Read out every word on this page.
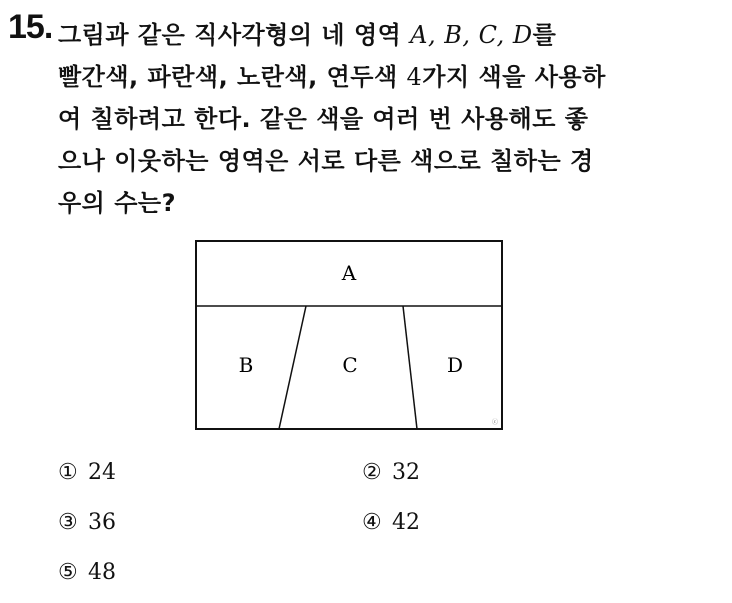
15. 그림과 같은 직사각형의 네 영역 A, B, C, D를
빨간색, 파란색, 노란색, 연두색 4가지 색을 사용하
여 칠하려고 한다. 같은 색을 여러 번 사용해도 좋
으나 이웃하는 영역은 서로 다른 색으로 칠하는 경
우의 수는?
A
B	C	D
ⓒ
① 24	② 32
③ 36	④ 42
⑤ 48
